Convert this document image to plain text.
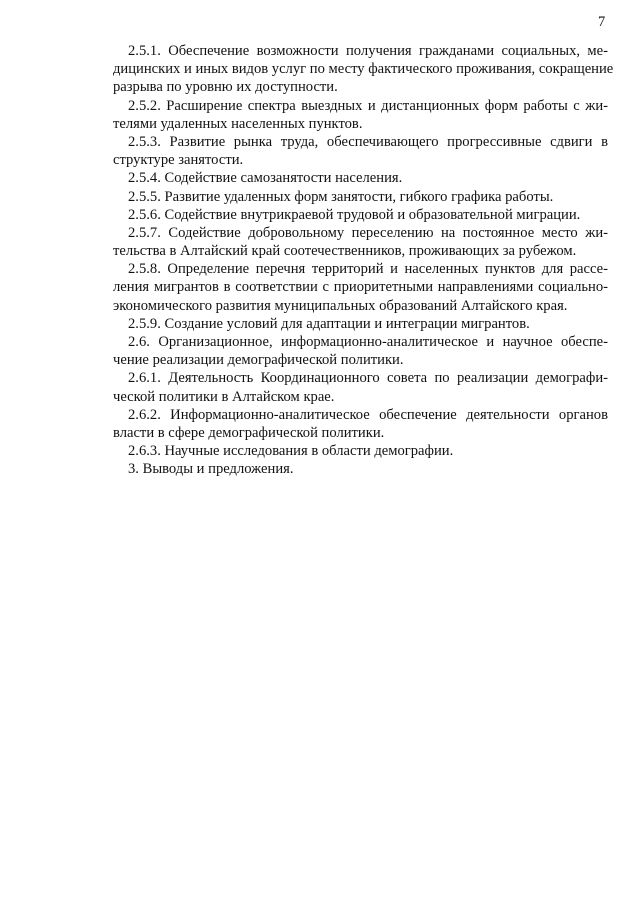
7
2.5.1. Обеспечение возможности получения гражданами социальных, ме-
дицинских и иных видов услуг по месту фактического проживания, сокращение
разрыва по уровню их доступности.
2.5.2. Расширение спектра выездных и дистанционных форм работы с жи-
телями удаленных населенных пунктов.
2.5.3. Развитие рынка труда, обеспечивающего прогрессивные сдвиги в
структуре занятости.
2.5.4. Содействие самозанятости населения.
2.5.5. Развитие удаленных форм занятости, гибкого графика работы.
2.5.6. Содействие внутрикраевой трудовой и образовательной миграции.
2.5.7. Содействие добровольному переселению на постоянное место жи-
тельства в Алтайский край соотечественников, проживающих за рубежом.
2.5.8. Определение перечня территорий и населенных пунктов для рассе-
ления мигрантов в соответствии с приоритетными направлениями социально-
экономического развития муниципальных образований Алтайского края.
2.5.9. Создание условий для адаптации и интеграции мигрантов.
2.6. Организационное, информационно-аналитическое и научное обеспе-
чение реализации демографической политики.
2.6.1. Деятельность Координационного совета по реализации демографи-
ческой политики в Алтайском крае.
2.6.2. Информационно-аналитическое обеспечение деятельности органов
власти в сфере демографической политики.
2.6.3. Научные исследования в области демографии.
3. Выводы и предложения.
